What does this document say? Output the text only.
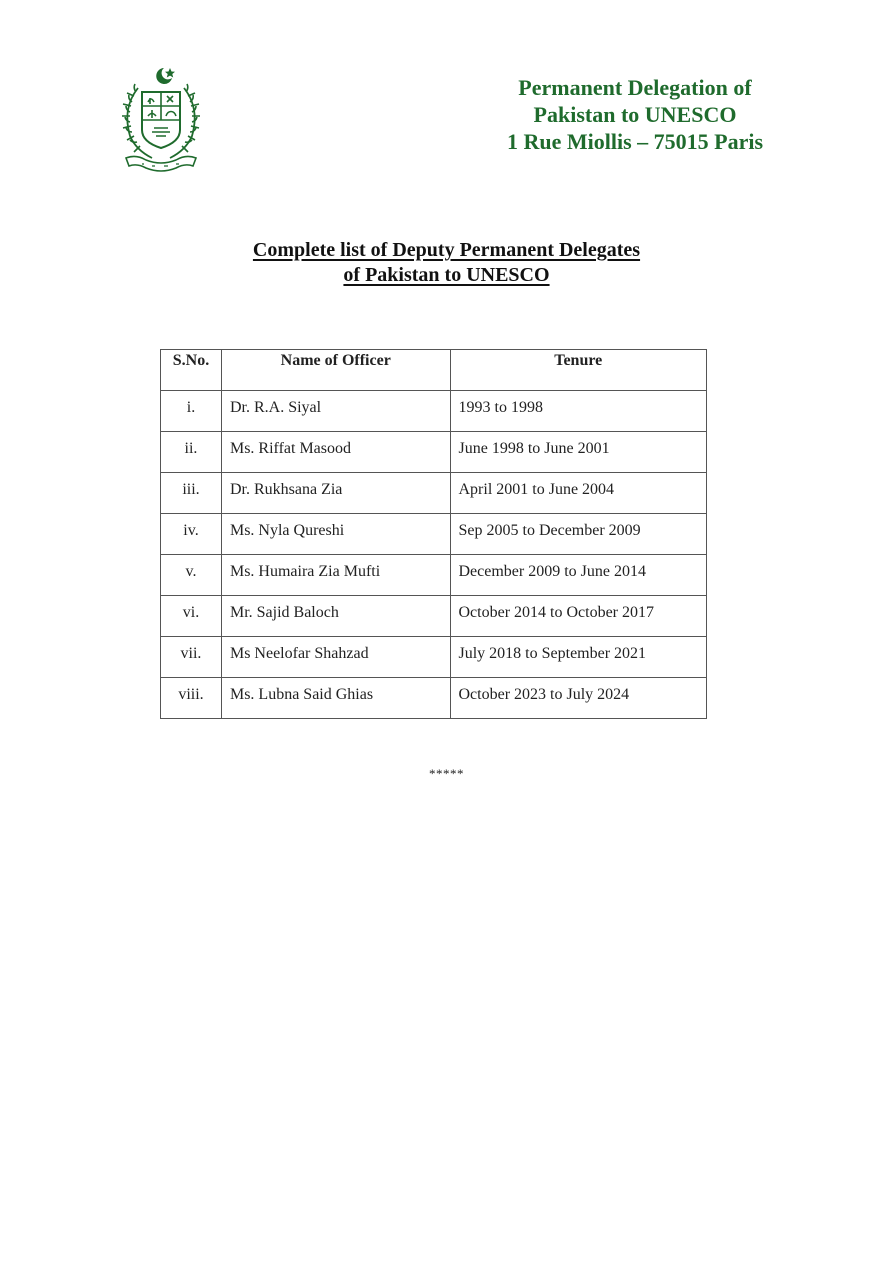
Permanent Delegation of
Pakistan to UNESCO
1 Rue Miollis – 75015 Paris
Complete list of Deputy Permanent Delegates
of Pakistan to UNESCO
S.No.	Name of Officer	Tenure
i.	Dr. R.A. Siyal	1993 to 1998
ii.	Ms. Riffat Masood	June 1998 to June 2001
iii.	Dr. Rukhsana Zia	April 2001 to June 2004
iv.	Ms. Nyla Qureshi	Sep 2005 to December 2009
v.	Ms. Humaira Zia Mufti	December 2009 to June 2014
vi.	Mr. Sajid Baloch	October 2014 to October 2017
vii.	Ms Neelofar Shahzad	July 2018 to September 2021
viii.	Ms. Lubna Said Ghias	October 2023 to July 2024
*****
